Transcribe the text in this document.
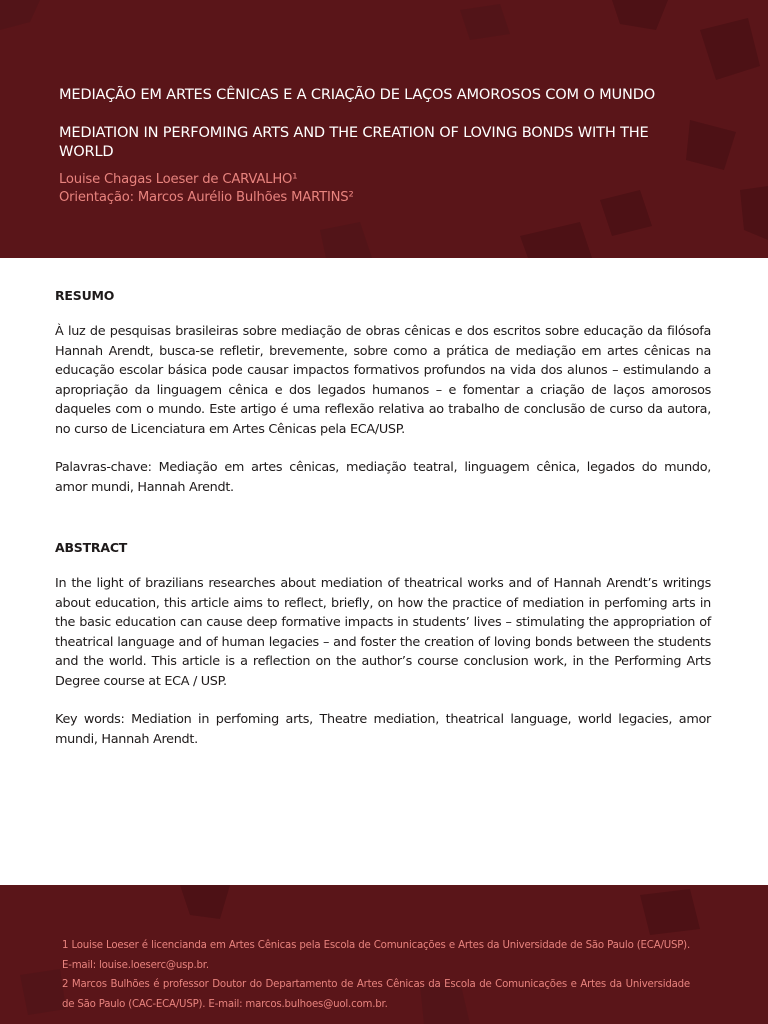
MEDIAÇÃO EM ARTES CÊNICAS E A CRIAÇÃO DE LAÇOS AMOROSOS COM O MUNDO
MEDIATION IN PERFOMING ARTS AND THE CREATION OF LOVING BONDS WITH THE WORLD

Louise Chagas Loeser de CARVALHO¹

Orientação: Marcos Aurélio Bulhões MARTINS²

RESUMO

À luz de pesquisas brasileiras sobre mediação de obras cênicas e dos escritos sobre educação da filósofa Hannah Arendt, busca-se refletir, brevemente, sobre como a prática de mediação em artes cênicas na educação escolar básica pode causar impactos formativos profundos na vida dos alunos – estimulando a apropriação da linguagem cênica e dos legados humanos – e fomentar a criação de laços amorosos daqueles com o mundo. Este artigo é uma reflexão relativa ao trabalho de conclusão de curso da autora, no curso de Licenciatura em Artes Cênicas pela ECA/USP.

Palavras-chave: Mediação em artes cênicas, mediação teatral, linguagem cênica, legados do mundo, amor mundi, Hannah Arendt.

ABSTRACT

In the light of brazilians researches about mediation of theatrical works and of Hannah Arendt’s writings about education, this article aims to reflect, briefly, on how the practice of mediation in perfoming arts in the basic education can cause deep formative impacts in students’ lives – stimulating the appropriation of theatrical language and of human legacies – and foster the creation of loving bonds between the students and the world. This article is a reflection on the author’s course conclusion work, in the Performing Arts Degree course at ECA / USP.

Key words: Mediation in perfoming arts, Theatre mediation, theatrical language, world legacies, amor mundi, Hannah Arendt.

1 Louise Loeser é licencianda em Artes Cênicas pela Escola de Comunicações e Artes da Universidade de São Paulo (ECA/USP). E-mail: louise.loeserc@usp.br.

2 Marcos Bulhões é professor Doutor do Departamento de Artes Cênicas da Escola de Comunicações e Artes da Universidade de São Paulo (CAC-ECA/USP). E-mail: marcos.bulhoes@uol.com.br.
